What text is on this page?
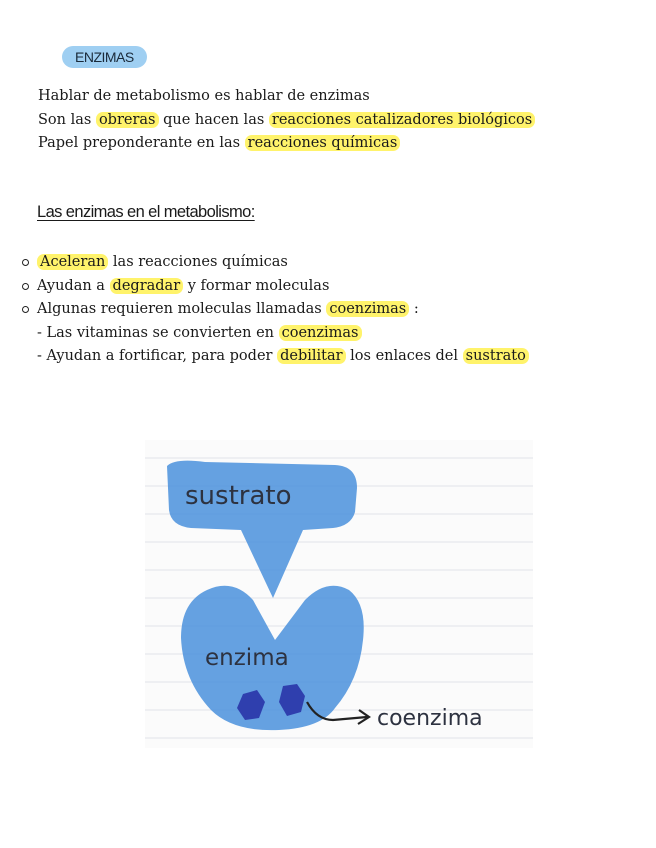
ENZIMAS

Hablar de metabolismo es hablar de enzimas

Son las obreras que hacen las reacciones catalizadores biológicos

Papel preponderante en las reacciones químicas

Las enzimas en el metabolismo:
Aceleran las reacciones químicas
Ayudan a degradar y formar moleculas
Algunas requieren moleculas llamadas coenzimas :
- Las vitaminas se convierten en coenzimas
- Ayudan a fortificar, para poder debilitar los enlaces del sustrato
sustrato
enzima
coenzima
